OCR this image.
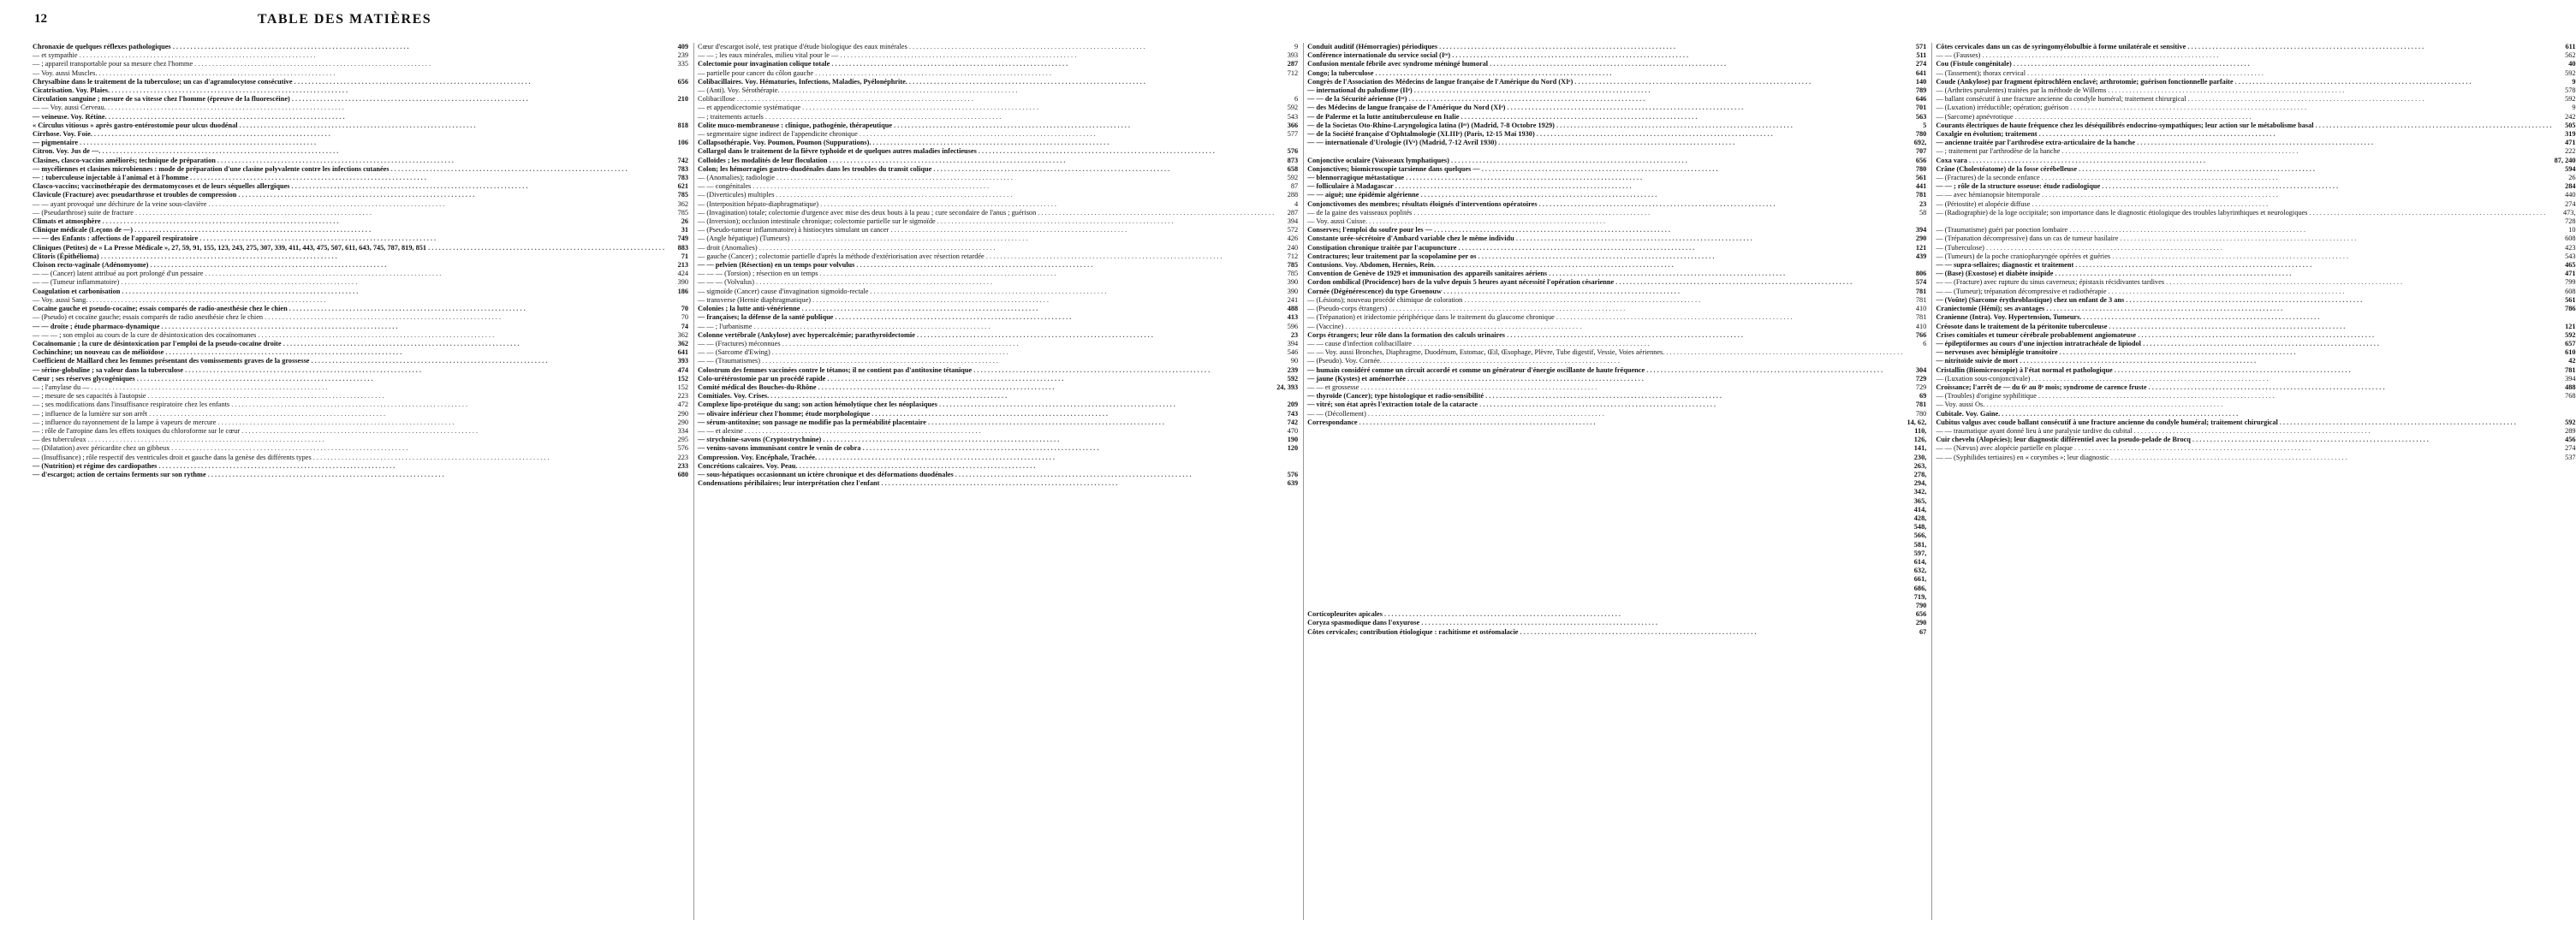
12	TABLE DES MATIÈRES
Chronaxie de quelques réflexes pathologiques . . .	409
— et sympathie . . .	239
— ; appareil transportable pour sa mesure chez l'homme . . .	335
— Voy. aussi Muscles. . . .
Chrysalbine dans le traitement de la tuberculose; un cas d'agranulocytose consécutive . . .	656
Cicatrisation. Voy. Plaies. . . .
Circulation sanguine ; mesure de sa vitesse chez l'homme (épreuve de la fluorescéine) . . .	210
— — Voy. aussi Cerveau. . . .
— veineuse. Voy. Rétine. . . .
« Circulus vitiosus » après gastro-entérostomie pour ulcus duodénal . . .	818
Cirrhose. Voy. Foie. . . .
— pigmentaire . . .	106
Citron. Voy. Jus de —. . . .
Clasines, clasco-vaccins améliorés; technique de préparation . . .	742
— mycéliennes et clasines microbiennes : mode de préparation d'une clasine polyvalente contre les infections cutanées . . .	783
— : tuberculeuse injectable à l'animal et à l'homme . . .	783
Clasco-vaccins; vaccinothérapie des dermatomycoses et de leurs séquelles allergiques . . .	621
Clavicule (Fracture) avec pseudarthrose et troubles de compression . . .	785
— — ayant provoqué une déchirure de la veine sous-clavière . . .	362
— (Pseudarthrose) suite de fracture . . .	785
Climats et atmosphère . . .	26
Clinique médicale (Leçons de —) . . .	31
— — des Enfants : affections de l'appareil respiratoire . . .	749
Cliniques (Petites) de « La Presse Médicale », 27, 59, 91, 155, 123, 243, 275, 307, 339, 411, 443, 475, 507, 611, 643, 745, 787, 819, 851 . . .	883
Clitoris (Épithélioma) . . .	71
Cloison recto-vaginale (Adénomyome) . . .	213
— — (Cancer) latent attribué au port prolongé d'un pessaire . . .	424
— — (Tumeur inflammatoire) . . .	390
Coagulation et carbonisation . . .	186
— Voy. aussi Sang. . . .
Cocaïne gauche et pseudo-cocaïne; essais comparés de radio-anesthésie chez le chien . . .	70
— (Pseudo) et cocaïne gauche; essais comparés de radio anesthésie chez le chien . . .	70
— — droite ; étude pharmaco-dynamique . . .	74
— — — ; son emploi au cours de la cure de désintoxication des cocaïnomanes . . .	362
Cocaïnomanie ; la cure de désintoxication par l'emploi de la pseudo-cocaïne droite . . .	362
Cochinchine; un nouveau cas de mélioïdose . . .	641
Coefficient de Maillard chez les femmes présentant des vomissements graves de la grossesse . . .	393
— sérine-globuline ; sa valeur dans la tuberculose . . .	474
Cœur ; ses réserves glycogéniques . . .	152
— ; l'amylase du — . . .	152
— ; mesure de ses capacités à l'autopsie . . .	223
— ; ses modifications dans l'insuffisance respiratoire chez les enfants . . .	472
— ; influence de la lumière sur son arrêt . . .	290
— ; influence du rayonnement de la lampe à vapeurs de mercure . . .	290
— : rôle de l'atropine dans les effets toxiques du chloroforme sur le cœur . . .	334
— des tuberculeux . . .	295
— (Dilatation) avec péricardite chez un gibbeux . . .	576
— (Insuffisance) ; rôle respectif des ventricules droit et gauche dans la genèse des différents types . . .	223
— (Nutrition) et régime des cardiopathes . . .	233
— d'escargot; action de certains ferments sur son rythme . . .	680
Cœur d'escargot isolé, test pratique d'étude biologique des eaux minérales . . .	9
— — ; les eaux minérales, milieu vital pour le — . . .	393
Colectomie pour invagination colique totale . . .	287
— partielle pour cancer du côlon gauche . . .	712
Colibacillaires. Voy. Hématuries, Infections, Maladies, Pyélonéphrite. . . .
— (Anti). Voy. Sérothérapie. . . .
Colibacillose . . .	6
— et appendicectomie systématique . . .	592
— ; traitements actuels . . .	543
Colite muco-membraneuse : clinique, pathogénie, thérapeutique . . .	366
— segmentaire signe indirect de l'appendicite chronique . . .	577
Collapsothérapie. Voy. Poumon, Poumon (Suppurations). . . .
Collargol dans le traitement de la fièvre typhoïde et de quelques autres maladies infectieuses . . .	576
Colloïdes ; les modalités de leur floculation . . .	873
Colon; les hémorragies gastro-duodénales dans les troubles du transit colique . . .	658
— (Anomalies); radiologie . . .	592
— — congénitales . . .	87
— (Diverticules) multiples . . .	288
— (Interposition hépato-diaphragmatique) . . .	4
— (Invagination) totale; colectomie d'urgence avec mise des deux bouts à la peau ; cure secondaire de l'anus ; guérison . . .	287
— (Inversion); occlusion intestinale chronique; colectomie partielle sur le sigmoïde . . .	394
— (Pseudo-tumeur inflammatoire) à histiocytes simulant un cancer . . .	572
— (Angle hépatique) (Tumeurs) . . .	426
— droit (Anomalies) . . .	240
— gauche (Cancer) ; colectomie partielle d'après la méthode d'extériorisation avec résection retardée . . .	712
— — pelvien (Résection) en un temps pour volvulus . . .	785
— — — (Torsion) ; résection en un temps . . .	785
— — — (Volvulus) . . .	390
— sigmoïde (Cancer) cause d'invagination sigmoïdo-rectale . . .	390
— transverse (Hernie diaphragmatique) . . .	241
Colonies ; la lutte anti-vénérienne . . .	488
— françaises; la défense de la santé publique . . .	413
— — ; l'urbanisme . . .	596
Colonne vertébrale (Ankylose) avec hypercalcémie; parathyroïdectomie . . .	23
— — (Fractures) méconnues . . .	394
— — (Sarcome d'Ewing) . . .	546
— — (Traumatismes) . . .	90
Colostrum des femmes vaccinées contre le tétanos; il ne contient pas d'antitoxine tétanique . . .	239
Colo-urétérostomie par un procédé rapide . . .	592
Comité médical des Bouches-du-Rhône . . .	24, 393
Comitiales. Voy. Crises. . . .
Complexe lipo-protéique du sang; son action hémolytique chez les néoplasiques . . .	209
— olivaire inférieur chez l'homme; étude morphologique . . .	743
— sérum-antitoxine; son passage ne modifie pas la perméabilité placentaire . . .	742
— — et alexine . . .	470
— strychnine-savons (Cryptostrychnine) . . .	190
— venins-savons immunisant contre le venin de cobra . . .	120
Compression. Voy. Encéphale, Trachée. . . .
Concrétions calcaires. Voy. Peau. . . .
— sous-hépatiques occasionnant un ictère chronique et des déformations duodénales . . .	576
Condensations périhilaires; leur interprétation chez l'enfant . . .	639
Conduit auditif (Hémorragies) périodiques . . .	571
Conférence internationale du service social (Iʳᵉ) . . .	511
Confusion mentale fébrile avec syndrome méningé humoral . . .	274
Congo; la tuberculose . . .	641
Congrès de l'Association des Médecins de langue française de l'Amérique du Nord (XIᵉ) . . .	140
— international du paludisme (IIᵉ) . . .	789
— — de la Sécurité aérienne (Iᵉʳ) . . .	646
— des Médecins de langue française de l'Amérique du Nord (XIᵉ) . . .	701
— de Palerme et la lutte antituberculeuse en Italie . . .	563
— de la Societas Oto-Rhino-Laryngologica latina (Iᵉʳ) (Madrid, 7-8 Octobre 1929) . . .	5
— de la Société française d'Ophtalmologie (XLIIIᵉ) (Paris, 12-15 Mai 1930) . . .	780
— — internationale d'Urologie (IVᵉ) (Madrid, 7-12 Avril 1930) . . .	692, 707
Conjonctive oculaire (Vaisseaux lymphatiques) . . .	656
Conjonctives; biomicroscopie tarsienne dans quelques — . . .	780
— blennorragique métastatique . . .	561
— folliculaire à Madagascar . . .	441
— — aiguë; une épidémie algérienne . . .	781
Conjonctivomes des membres; résultats éloignés d'interventions opératoires . . .	23
— de la gaine des vaisseaux poplités . . .	58
— Voy. aussi Cuisse. . . .
Conserves; l'emploi du soufre pour les — . . .	394
Constante urée-sécrétoire d'Ambard variable chez le même individu . . .	290
Constipation chronique traitée par l'acupuncture . . .	121
Contractures; leur traitement par la scopolamine per os . . .	439
Contusions. Voy. Abdomen, Hernies, Rein. . . .
Convention de Genève de 1929 et immunisation des appareils sanitaires aériens . . .	806
Cordon ombilical (Procidence) hors de la vulve depuis 5 heures ayant nécessité l'opération césarienne . . .	574
Cornée (Dégénérescence) du type Groenouw . . .	781
— (Lésions); nouveau procédé chimique de coloration . . .	781
— (Pseudo-corps étrangers) . . .	410
— (Trépanation) et iridectomie périphérique dans le traitement du glaucome chronique . . .	781
— (Vaccine) . . .	410
Corps étrangers; leur rôle dans la formation des calculs urinaires . . .	766
— — cause d'infection colibacillaire . . .	6
— — Voy. aussi Bronches, Diaphragme, Duodénum, Estomac, Œil, Œsophage, Plèvre, Tube digestif, Vessie, Voies aériennes. . . .
— (Pseudo). Voy. Cornée. . . .
— humain considéré comme un circuit accordé et comme un générateur d'énergie oscillante de haute fréquence . . .	304
— jaune (Kystes) et aménorrhée . . .	729
— — et grossesse . . .	729
— thyroïde (Cancer); type histologique et radio-sensibilité . . .	69
— vitré; son état après l'extraction totale de la cataracte . . .	781
— — (Décollement) . . .	780
Correspondance . . .	14, 62, 110, 126, 141, 230, 263, 278, 294, 342, 365, 414, 428, 548, 566, 581, 597, 614, 632, 661, 686, 719, 790
Corticopleurites apicales . . .	656
Coryza spasmodique dans l'oxyurose . . .	290
Côtes cervicales; contribution étiologique : rachitisme et ostéomalacie . . .	67
Côtes cervicales dans un cas de syringomyélobulbie à forme unilatérale et sensitive . . .	611
— — (Fausses) . . .	562
Cou (Fistule congénitale) . . .	40
— (Tassement); thorax cervical . . .	592
Coude (Ankylose) par fragment épitrochléen enclavé; arthrotomie; guérison fonctionnelle parfaite . . .	9
— (Arthrites purulentes) traitées par la méthode de Willems . . .	578
— ballant consécutif à une fracture ancienne du condyle huméral; traitement chirurgical . . .	592
— (Luxation) irréductible; opération; guérison . . .	9
— (Sarcome) apnévrotique . . .	242
Courants électriques de haute fréquence chez les déséquilibrés endocrino-sympathiques; leur action sur le métabolisme basal . . .	505
Coxalgie en évolution; traitement . . .	319
— ancienne traitée par l'arthrodèse extra-articulaire de la hanche . . .	471
— ; traitement par l'arthrodèse de la hanche . . .	222
Coxa vara . . .	87, 240
Crâne (Cholestéatome) de la fosse cérébelleuse . . .	594
— (Fractures) de la seconde enfance . . .	26
— — ; rôle de la structure osseuse: étude radiologique . . .	284
— — avec hémianopsie bitemporale . . .	440
— (Périostite) et alopécie diffuse . . .	274
— (Radiographie) de la loge occipitale; son importance dans le diagnostic étiologique des troubles labyrinthiques et neurologiques . . .	473, 728
— (Traumatisme) guéri par ponction lombaire . . .	10
— (Trépanation décompressive) dans un cas de tumeur basilaire . . .	608
— (Tuberculose) . . .	423
— (Tumeurs) de la poche craniopharyngée opérées et guéries . . .	543
— — supra-sellaires; diagnostic et traitement . . .	465
— (Base) (Exostose) et diabète insipide . . .	471
— — (Fracture) avec rupture du sinus caverneux; épistaxis récidivantes tardives . . .	799
— — (Tumeur); trépanation décompressive et radiothérapie . . .	608
— (Voûte) (Sarcome érythroblastique) chez un enfant de 3 ans . . .	561
Craniectomie (Hémi); ses avantages . . .	786
Cranienne (Intra). Voy. Hypertension, Tumeurs. . . .
Créosote dans le traitement de la péritonite tuberculeuse . . .	121
Crises comitiales et tumeur cérébrale probablement angiomateuse . . .	592
— épileptiformes au cours d'une injection intratrachéale de lipiodol . . .	657
— nerveuses avec hémiplégie transitoire . . .	610
— nitritoïde suivie de mort . . .	42
Cristallin (Biomicroscopie) à l'état normal et pathologique . . .	781
— (Luxation sous-conjonctivale) . . .	394
Croissance; l'arrêt de — du 6ᵉ au 8ᵉ mois; syndrome de carence fruste . . .	488
— (Troubles) d'origine syphilitique . . .	768
— Voy. aussi Os. . . .
Cubitale. Voy. Gaine. . . .
Cubitus valgus avec coude ballant consécutif à une fracture ancienne du condyle huméral; traitement chirurgical . . .	592
— — traumatique ayant donné lieu à une paralysie tardive du cubital . . .	289
Cuir chevelu (Alopécies); leur diagnostic différentiel avec la pseudo-pelade de Brocq . . .	456
— — (Nævus) avec alopécie partielle en plaque . . .	274
— — (Syphilides tertiaires) en « corymbes »; leur diagnostic . . .	537
